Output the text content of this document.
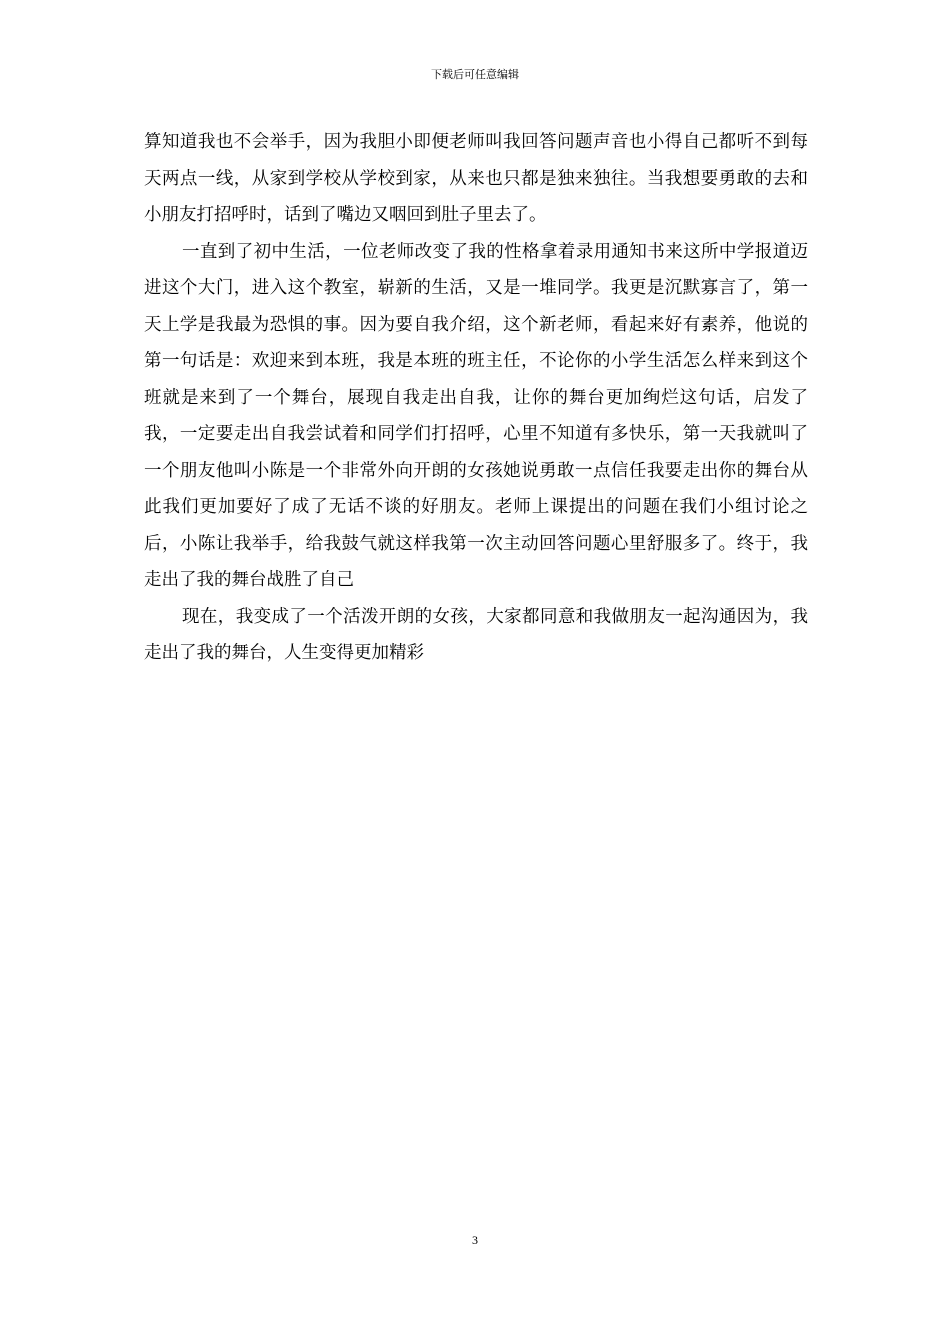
下载后可任意编辑

算知道我也不会举手，因为我胆小即便老师叫我回答问题声音也小得自己都听不到每天两点一线，从家到学校从学校到家，从来也只都是独来独往。当我想要勇敢的去和小朋友打招呼时，话到了嘴边又咽回到肚子里去了。

一直到了初中生活，一位老师改变了我的性格拿着录用通知书来这所中学报道迈进这个大门，进入这个教室，崭新的生活，又是一堆同学。我更是沉默寡言了，第一天上学是我最为恐惧的事。因为要自我介绍，这个新老师，看起来好有素养，他说的第一句话是：欢迎来到本班，我是本班的班主任，不论你的小学生活怎么样来到这个班就是来到了一个舞台，展现自我走出自我，让你的舞台更加绚烂这句话，启发了我，一定要走出自我尝试着和同学们打招呼，心里不知道有多快乐，第一天我就叫了一个朋友他叫小陈是一个非常外向开朗的女孩她说勇敢一点信任我要走出你的舞台从此我们更加要好了成了无话不谈的好朋友。老师上课提出的问题在我们小组讨论之后，小陈让我举手，给我鼓气就这样我第一次主动回答问题心里舒服多了。终于，我走出了我的舞台战胜了自己

现在，我变成了一个活泼开朗的女孩，大家都同意和我做朋友一起沟通因为，我走出了我的舞台，人生变得更加精彩

3
